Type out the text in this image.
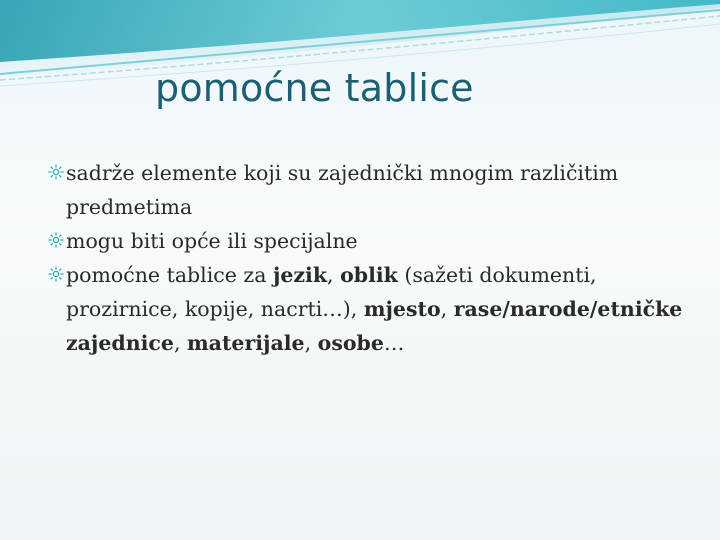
pomoćne tablice
sadrže elemente koji su zajednički mnogim različitim predmetima
mogu biti opće ili specijalne
pomoćne tablice za jezik, oblik (sažeti dokumenti, prozirnice, kopije, nacrti…), mjesto, rase/narode/etničke zajednice, materijale, osobe…
